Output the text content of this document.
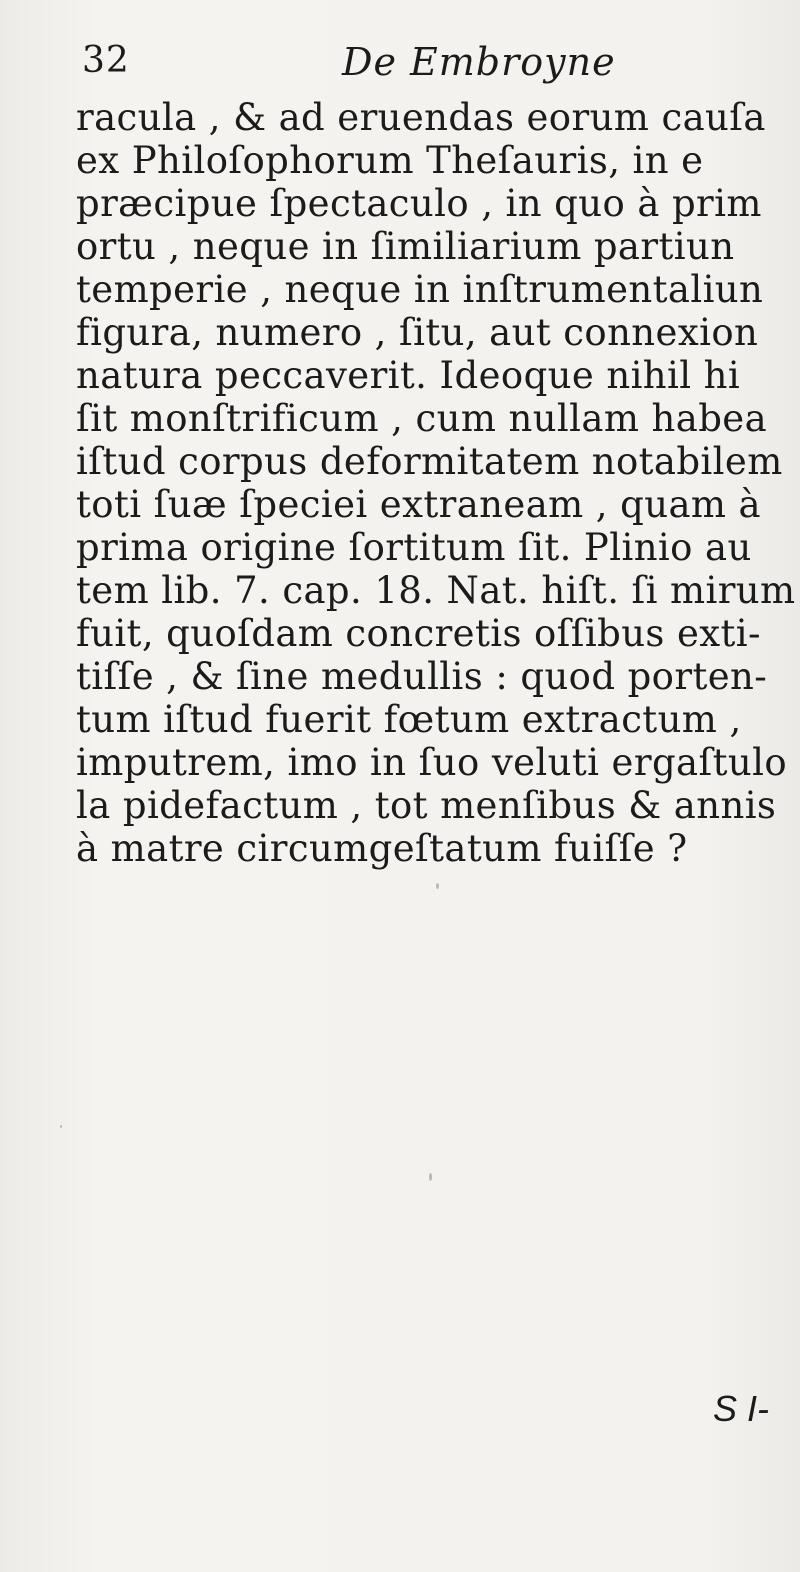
32	De Embroyne
racula , & ad eruendas eorum cauſa
ex Philoſophorum Theſauris, in e
præcipue ſpectaculo , in quo à prim
ortu , neque in ſimiliarium partiun
temperie , neque in inſtrumentaliun
figura, numero , ſitu, aut connexion
natura peccaverit. Ideoque nihil hi
ſit monſtrificum , cum nullam habea
iſtud corpus deformitatem notabilem
toti ſuæ ſpeciei extraneam , quam à
prima origine ſortitum ſit. Plinio au
tem lib. 7. cap. 18. Nat. hiſt. ſi mirum
fuit, quoſdam concretis oſſibus exti-
tiſſe , & ſine medullis : quod porten-
tum iſtud fuerit fœtum extractum ,
imputrem, imo in ſuo veluti ergaſtulo
la pidefactum , tot menſibus & annis
à matre circumgeſtatum fuiſſe ?
S I-
